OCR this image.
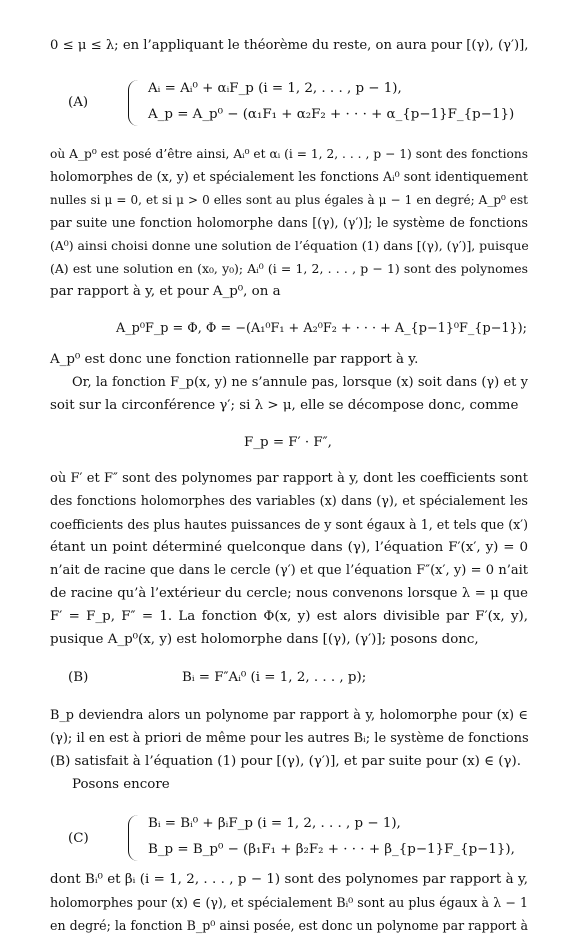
0 ≤ μ ≤ λ; en l’appliquant le théorème du reste, on aura pour [(γ), (γ′)],

(A)
Aᵢ = Aᵢ⁰ + αᵢF_p (i = 1, 2, . . . , p − 1),
A_p = A_p⁰ − (α₁F₁ + α₂F₂ + · · · + α_{p−1}F_{p−1})

où A_p⁰ est posé d’être ainsi, Aᵢ⁰ et αᵢ (i = 1, 2, . . . , p − 1) sont des fonctions

holomorphes de (x, y) et spécialement les fonctions Aᵢ⁰ sont identiquement

nulles si μ = 0, et si μ > 0 elles sont au plus égales à μ − 1 en degré; A_p⁰ est

par suite une fonction holomorphe dans [(γ), (γ′)]; le système de fonctions

(A⁰) ainsi choisi donne une solution de l’équation (1) dans [(γ), (γ′)], puisque

(A) est une solution en (x₀, y₀); Aᵢ⁰ (i = 1, 2, . . . , p − 1) sont des polynomes

par rapport à y, et pour A_p⁰, on a

A_p⁰F_p = Φ, Φ = −(A₁⁰F₁ + A₂⁰F₂ + · · · + A_{p−1}⁰F_{p−1});

A_p⁰ est donc une fonction rationnelle par rapport à y.

Or, la fonction F_p(x, y) ne s’annule pas, lorsque (x) soit dans (γ) et y

soit sur la circonférence γ′; si λ > μ, elle se décompose donc, comme

F_p = F′ · F″,

où F′ et F″ sont des polynomes par rapport à y, dont les coefficients sont

des fonctions holomorphes des variables (x) dans (γ), et spécialement les

coefficients des plus hautes puissances de y sont égaux à 1, et tels que (x′)

étant un point déterminé quelconque dans (γ), l’équation F′(x′, y) = 0

n’ait de racine que dans le cercle (γ′) et que l’équation F″(x′, y) = 0 n’ait

de racine qu’à l’extérieur du cercle; nous convenons lorsque λ = μ que

F′ = F_p, F″ = 1. La fonction Φ(x, y) est alors divisible par F′(x, y),

pusique A_p⁰(x, y) est holomorphe dans [(γ), (γ′)]; posons donc,

(B)	Bᵢ = F″Aᵢ⁰ (i = 1, 2, . . . , p);

B_p deviendra alors un polynome par rapport à y, holomorphe pour (x) ∈

(γ); il en est à priori de même pour les autres Bᵢ; le système de fonctions

(B) satisfait à l’équation (1) pour [(γ), (γ′)], et par suite pour (x) ∈ (γ).

Posons encore

(C)
Bᵢ = Bᵢ⁰ + βᵢF_p (i = 1, 2, . . . , p − 1),
B_p = B_p⁰ − (β₁F₁ + β₂F₂ + · · · + β_{p−1}F_{p−1}),

dont Bᵢ⁰ et βᵢ (i = 1, 2, . . . , p − 1) sont des polynomes par rapport à y,

holomorphes pour (x) ∈ (γ), et spécialement Bᵢ⁰ sont au plus égaux à λ − 1

en degré; la fonction B_p⁰ ainsi posée, est donc un polynome par rapport à
